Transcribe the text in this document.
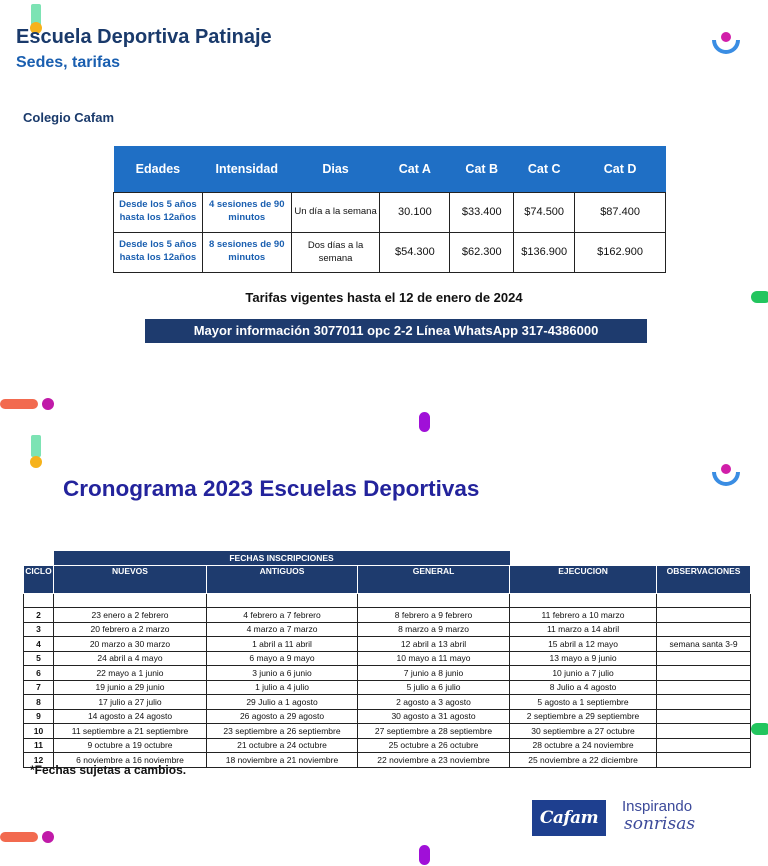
Escuela Deportiva Patinaje
Sedes, tarifas
Colegio Cafam
Edades	Intensidad	Dias	Cat A	Cat B	Cat C	Cat D
Desde los 5 años hasta los 12años	4 sesiones de 90 minutos	Un día a la semana	30.100	$33.400	$74.500	$87.400
Desde los 5 años hasta los 12años	8 sesiones de 90 minutos	Dos días a la semana	$54.300	$62.300	$136.900	$162.900
Tarifas vigentes hasta el 12 de enero de 2024
Mayor información 3077011 opc 2-2 Línea WhatsApp 317-4386000
Cronograma 2023 Escuelas Deportivas
	FECHAS INSCRIPCIONES				
CICLO	NUEVOS	ANTIGUOS	GENERAL	EJECUCION	OBSERVACIONES

2	23 enero a 2 febrero	4 febrero a 7 febrero	8 febrero a 9 febrero	11 febrero a 10 marzo	
3	20 febrero a 2 marzo	4 marzo a 7 marzo	8 marzo a 9 marzo	11 marzo a 14 abril	
4	20 marzo a 30 marzo	1 abril a 11 abril	12 abril a 13 abril	15 abril a 12 mayo	semana santa 3-9
5	24 abril a 4 mayo	6 mayo a 9 mayo	10 mayo a 11 mayo	13 mayo a 9 junio	
6	22 mayo a 1 junio	3 junio a 6 junio	7 junio a 8 junio	10 junio a 7 julio	
7	19 junio a 29 junio	1 julio a 4 julio	5 julio a 6 julio	8 Julio a 4 agosto	
8	17 julio a 27 julio	29 Julio a 1 agosto	2 agosto a 3 agosto	5 agosto a 1 septiembre	
9	14 agosto a 24 agosto	26 agosto a 29 agosto	30 agosto a 31 agosto	2 septiembre a 29 septiembre	
10	11 septiembre a 21 septiembre	23 septiembre a 26 septiembre	27 septiembre a 28 septiembre	30 septiembre a 27 octubre	
11	9 octubre a 19 octubre	21 octubre a 24 octubre	25 octubre a 26 octubre	28 octubre a 24 noviembre	
12	6 noviembre a 16 noviembre	18 noviembre a 21 noviembre	22 noviembre a 23 noviembre	25 noviembre a 22 diciembre	
*Fechas sujetas a cambios.
Cafam
Inspirando
sonrisas
